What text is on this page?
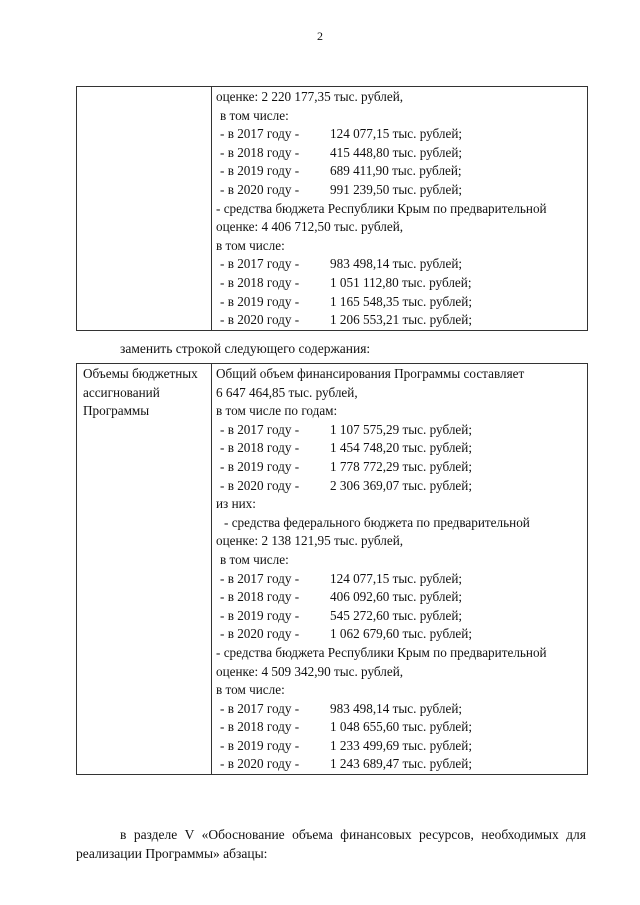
2

оценке: 2 220 177,35 тыс. рублей,
в том числе:
- в 2017 году - 124 077,15 тыс. рублей;
- в 2018 году - 415 448,80 тыс. рублей;
- в 2019 году - 689 411,90 тыс. рублей;
- в 2020 году - 991 239,50 тыс. рублей;
- средства бюджета Республики Крым по предварительной
оценке: 4 406 712,50 тыс. рублей,
в том числе:
- в 2017 году - 983 498,14 тыс. рублей;
- в 2018 году - 1 051 112,80 тыс. рублей;
- в 2019 году - 1 165 548,35 тыс. рублей;
- в 2020 году - 1 206 553,21 тыс. рублей;
заменить строкой следующего содержания:
Объемы бюджетных
ассигнований
Программы

Общий объем финансирования Программы составляет
6 647 464,85 тыс. рублей,
в том числе по годам:
- в 2017 году - 1 107 575,29 тыс. рублей;
- в 2018 году - 1 454 748,20 тыс. рублей;
- в 2019 году - 1 778 772,29 тыс. рублей;
- в 2020 году - 2 306 369,07 тыс. рублей;
из них:
- средства федерального бюджета по предварительной
оценке: 2 138 121,95 тыс. рублей,
в том числе:
- в 2017 году - 124 077,15 тыс. рублей;
- в 2018 году - 406 092,60 тыс. рублей;
- в 2019 году - 545 272,60 тыс. рублей;
- в 2020 году - 1 062 679,60 тыс. рублей;
- средства бюджета Республики Крым по предварительной
оценке: 4 509 342,90 тыс. рублей,
в том числе:
- в 2017 году - 983 498,14 тыс. рублей;
- в 2018 году - 1 048 655,60 тыс. рублей;
- в 2019 году - 1 233 499,69 тыс. рублей;
- в 2020 году - 1 243 689,47 тыс. рублей;
в разделе V «Обоснование объема финансовых ресурсов, необходимых для реализации Программы» абзацы:
